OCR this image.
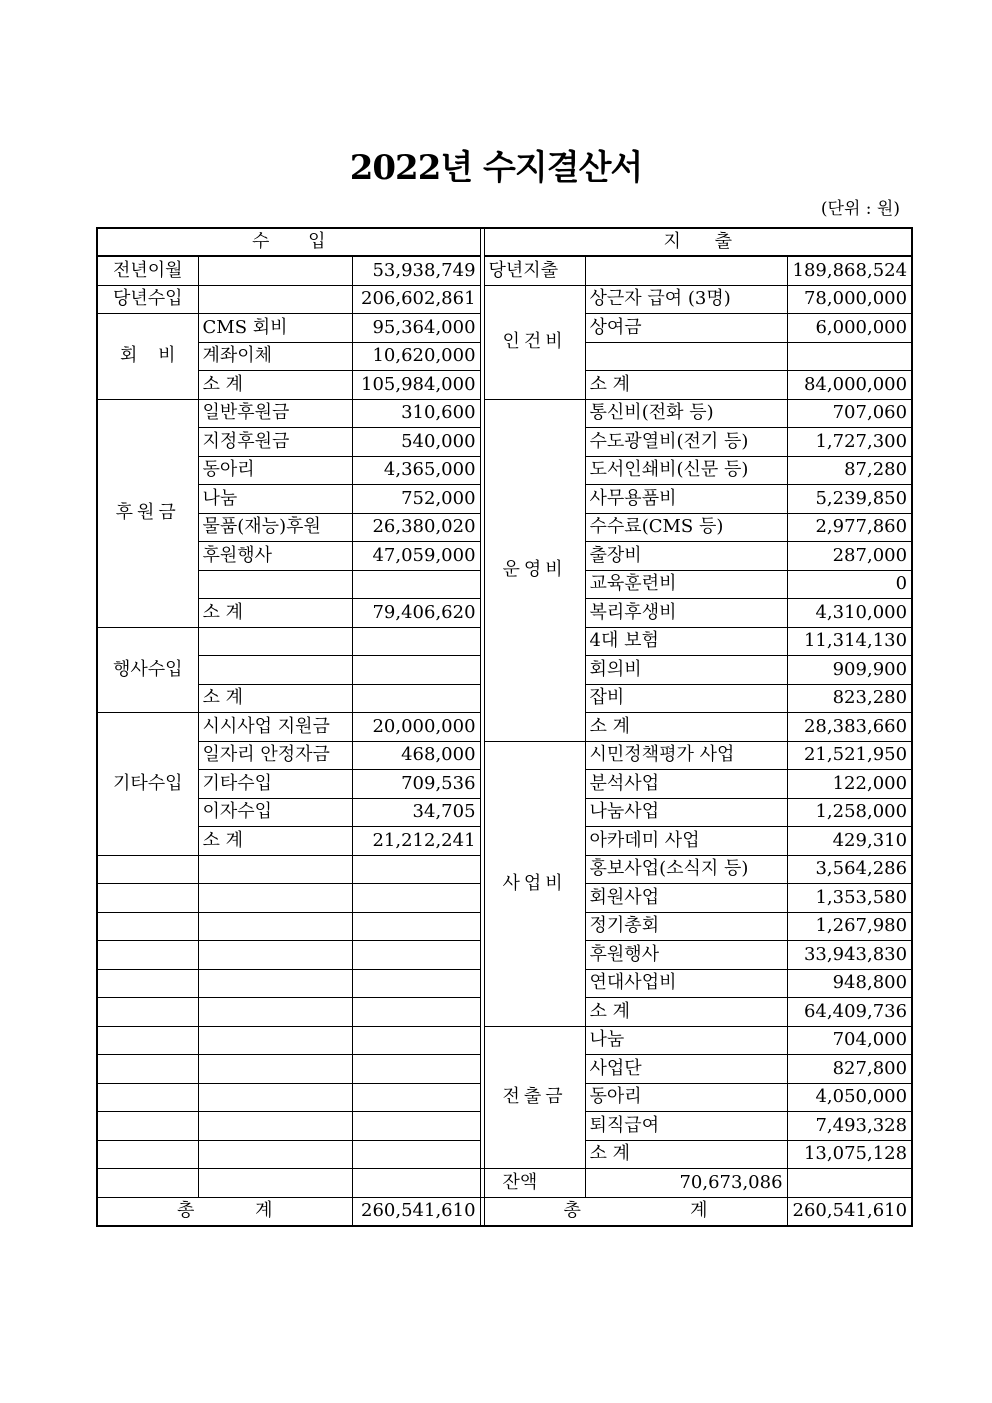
2022년 수지결산서
(단위 : 원)
수 입				지 출		

전년이월		53,938,749		당년지출		189,868,524
당년수입		206,602,861		인건비	상근자 급여 (3명)	78,000,000

회 비	CMS 회비	95,364,000			상여금	6,000,000
	계좌이체	10,620,000				
	소 계	105,984,000			소 계	84,000,000
후원금	일반후원금	310,600		운영비	통신비(전화 등)	707,060
	지정후원금	540,000			수도광열비(전기 등)	1,727,300
	동아리	4,365,000			도서인쇄비(신문 등)	87,280
	나눔	752,000			사무용품비	5,239,850
	물품(재능)후원	26,380,020			수수료(CMS 등)	2,977,860
	후원행사	47,059,000			출장비	287,000
					교육훈련비	0
	소 계	79,406,620			복리후생비	4,310,000
행사수입					4대 보험	11,314,130
					회의비	909,900
	소 계				잡비	823,280
기타수입	시시사업 지원금	20,000,000			소 계	28,383,660
	일자리 안정자금	468,000		사업비	시민정책평가 사업	21,521,950
	기타수입	709,536			분석사업	122,000
	이자수입	34,705			나눔사업	1,258,000
	소 계	21,212,241			아카데미 사업	429,310
					홍보사업(소식지 등)	3,564,286
					회원사업	1,353,580
					정기총회	1,267,980
					후원행사	33,943,830
					연대사업비	948,800
					소 계	64,409,736
				전출금	나눔	704,000
					사업단	827,800
					동아리	4,050,000
					퇴직급여	7,493,328
					소 계	13,075,128

			잔 액		70,673,086	

총 계		260,541,610		총 계		260,541,610
